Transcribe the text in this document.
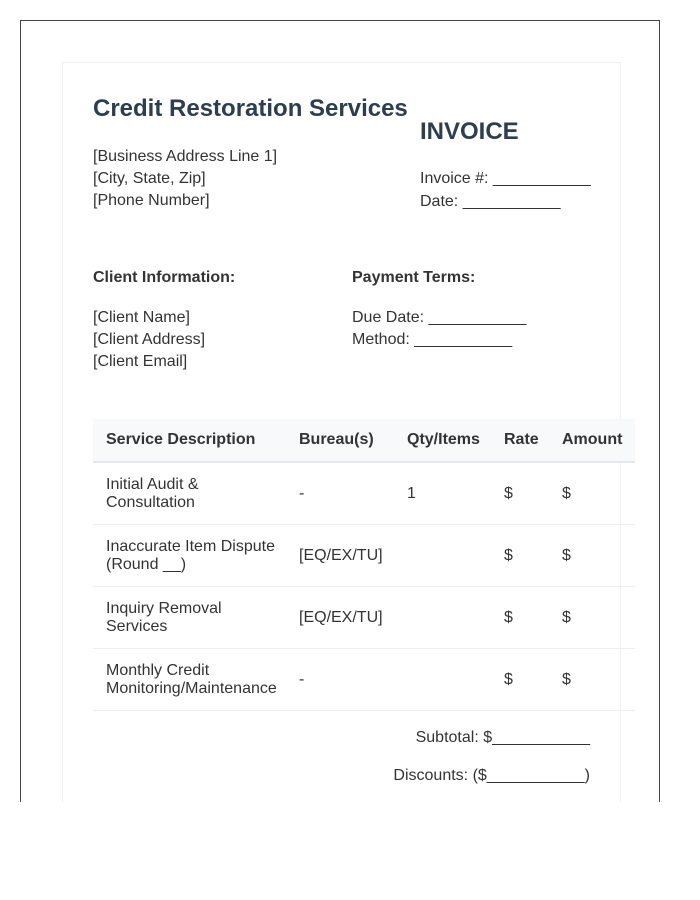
Credit Restoration Services
[Business Address Line 1]
[City, State, Zip]
[Phone Number]
INVOICE
Invoice #: ___________
Date: ___________
Client Information:	Payment Terms:
[Client Name]
[Client Address]
[Client Email]
Due Date: ___________
Method: ___________
Service Description	Bureau(s)	Qty/Items	Rate	Amount

Initial Audit &
Consultation	-	1	$	$

Inaccurate Item Dispute
(Round __)	[EQ/EX/TU]		$	$

Inquiry Removal
Services	[EQ/EX/TU]		$	$

Monthly Credit
Monitoring/Maintenance	-		$	$
Subtotal: $___________
Discounts: ($___________)
